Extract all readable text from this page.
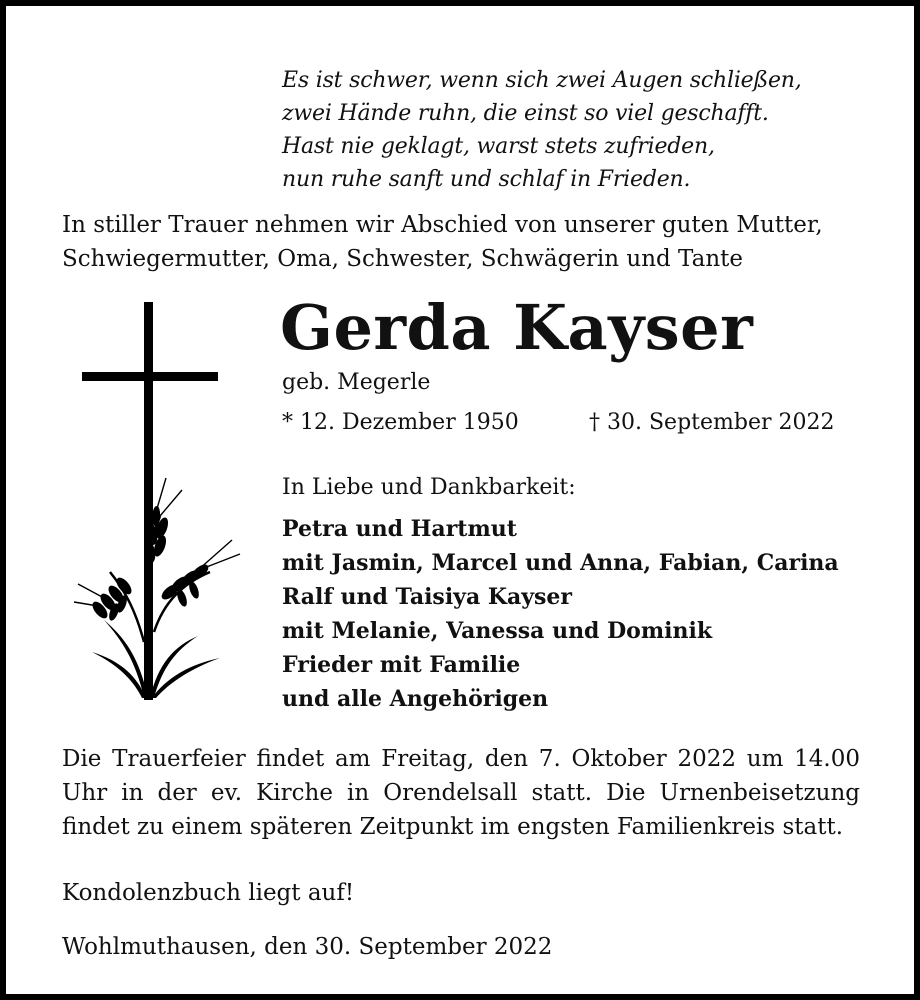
Es ist schwer, wenn sich zwei Augen schließen,
zwei Hände ruhn, die einst so viel geschafft.
Hast nie geklagt, warst stets zufrieden,
nun ruhe sanft und schlaf in Frieden.
In stiller Trauer nehmen wir Abschied von unserer guten Mutter,
Schwiegermutter, Oma, Schwester, Schwägerin und Tante
Gerda Kayser
geb. Megerle
* 12. Dezember 1950	† 30. September 2022
In Liebe und Dankbarkeit:
Petra und Hartmut
mit Jasmin, Marcel und Anna, Fabian, Carina
Ralf und Taisiya Kayser
mit Melanie, Vanessa und Dominik
Frieder mit Familie
und alle Angehörigen
Die Trauerfeier findet am Freitag, den 7. Oktober 2022 um 14.00 Uhr in der ev. Kirche in Orendelsall statt. Die Urnenbeisetzung findet zu einem späteren Zeitpunkt im engsten Familienkreis statt.
Kondolenzbuch liegt auf!
Wohlmuthausen, den 30. September 2022
